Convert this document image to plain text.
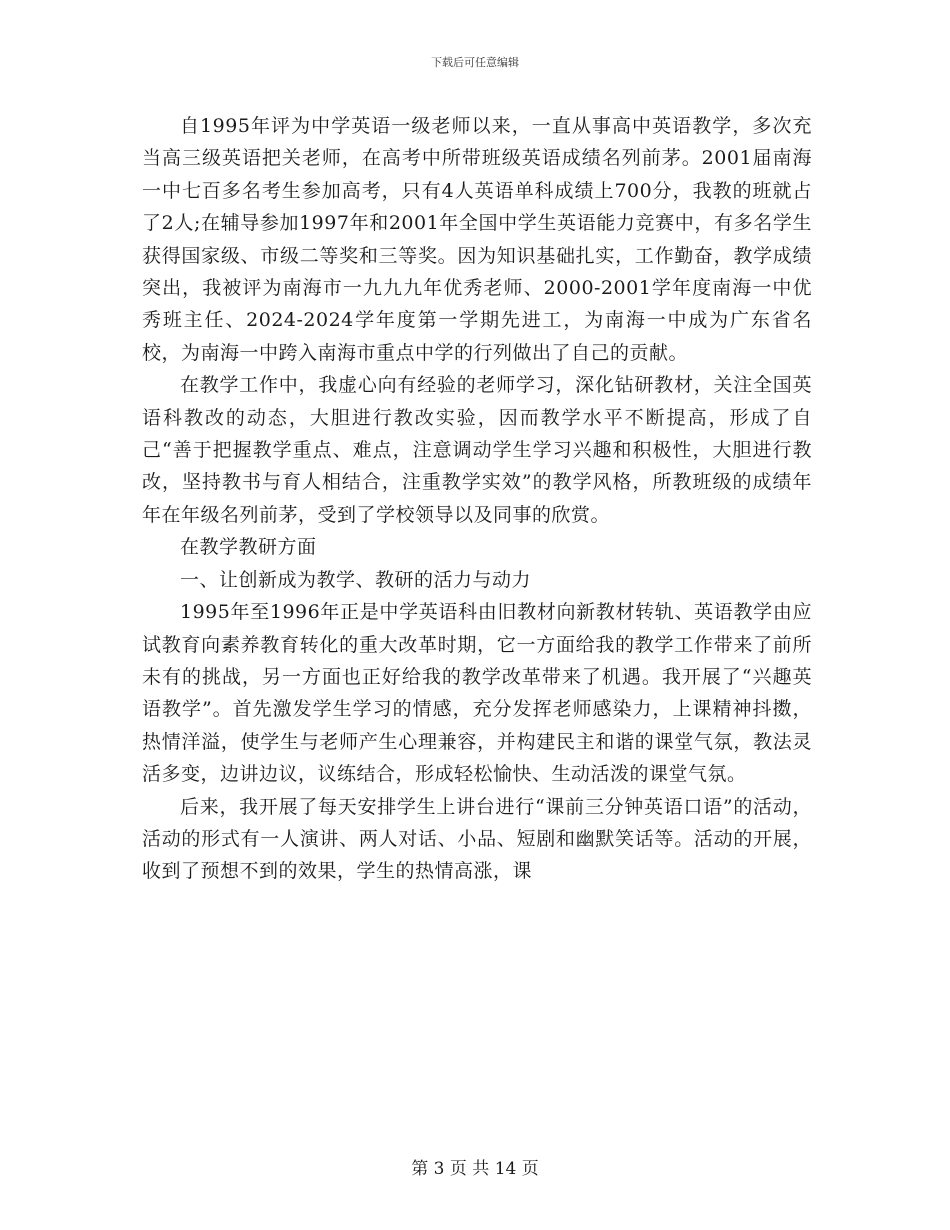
下载后可任意编辑

自1995年评为中学英语一级老师以来，一直从事高中英语教学，多次充当高三级英语把关老师，在高考中所带班级英语成绩名列前茅。2001届南海一中七百多名考生参加高考，只有4人英语单科成绩上700分，我教的班就占了2人;在辅导参加1997年和2001年全国中学生英语能力竞赛中，有多名学生获得国家级、市级二等奖和三等奖。因为知识基础扎实，工作勤奋，教学成绩突出，我被评为南海市一九九九年优秀老师、2000-2001学年度南海一中优秀班主任、2024-2024学年度第一学期先进工，为南海一中成为广东省名校，为南海一中跨入南海市重点中学的行列做出了自己的贡献。

在教学工作中，我虚心向有经验的老师学习，深化钻研教材，关注全国英语科教改的动态，大胆进行教改实验，因而教学水平不断提高，形成了自己“善于把握教学重点、难点，注意调动学生学习兴趣和积极性，大胆进行教改，坚持教书与育人相结合，注重教学实效”的教学风格，所教班级的成绩年年在年级名列前茅，受到了学校领导以及同事的欣赏。

在教学教研方面

一、让创新成为教学、教研的活力与动力

1995年至1996年正是中学英语科由旧教材向新教材转轨、英语教学由应试教育向素养教育转化的重大改革时期，它一方面给我的教学工作带来了前所未有的挑战，另一方面也正好给我的教学改革带来了机遇。我开展了“兴趣英语教学”。首先激发学生学习的情感，充分发挥老师感染力，上课精神抖擞，热情洋溢，使学生与老师产生心理兼容，并构建民主和谐的课堂气氛，教法灵活多变，边讲边议，议练结合，形成轻松愉快、生动活泼的课堂气氛。

后来，我开展了每天安排学生上讲台进行“课前三分钟英语口语”的活动，活动的形式有一人演讲、两人对话、小品、短剧和幽默笑话等。活动的开展，收到了预想不到的效果，学生的热情高涨，课

第 3 页 共 14 页
